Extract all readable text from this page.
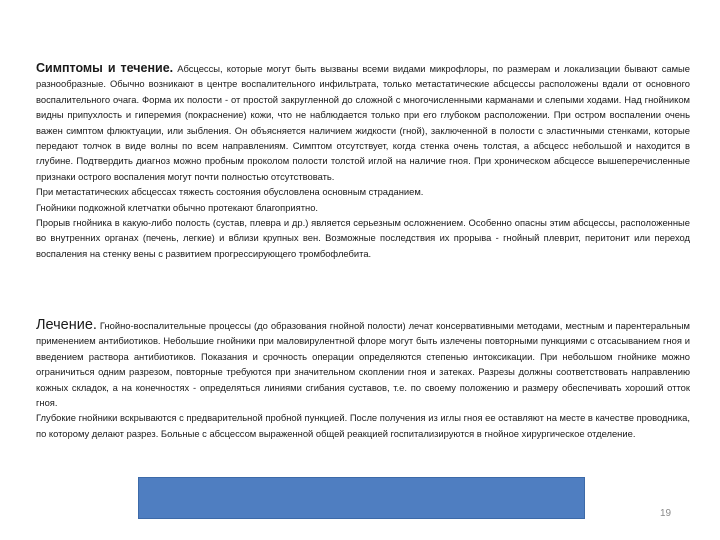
Симптомы и течение. Абсцессы, которые могут быть вызваны всеми видами микрофлоры, по размерам и локализации бывают самые разнообразные. Обычно возникают в центре воспалительного инфильтрата, только метастатические абсцессы расположены вдали от основного воспалительного очага. Форма их полости - от простой закругленной до сложной с многочисленными карманами и слепыми ходами. Над гнойником видны припухлость и гиперемия (покраснение) кожи, что не наблюдается только при его глубоком расположении. При остром воспалении очень важен симптом флюктуации, или зыбления. Он объясняется наличием жидкости (гной), заключенной в полости с эластичными стенками, которые передают толчок в виде волны по всем направлениям. Симптом отсутствует, когда стенка очень толстая, а абсцесс небольшой и находится в глубине. Подтвердить диагноз можно пробным проколом полости толстой иглой на наличие гноя. При хроническом абсцессе вышеперечисленные признаки острого воспаления могут почти полностью отсутствовать.

При метастатических абсцессах тяжесть состояния обусловлена основным страданием.

Гнойники подкожной клетчатки обычно протекают благоприятно.

Прорыв гнойника в какую-либо полость (сустав, плевра и др.) является серьезным осложнением. Особенно опасны этим абсцессы, расположенные во внутренних органах (печень, легкие) и вблизи крупных вен. Возможные последствия их прорыва - гнойный плеврит, перитонит или переход воспаления на стенку вены с развитием прогрессирующего тромбофлебита.

Лечение. Гнойно-воспалительные процессы (до образования гнойной полости) лечат консервативными методами, местным и парентеральным применением антибиотиков. Небольшие гнойники при маловирулентной флоре могут быть излечены повторными пункциями с отсасыванием гноя и введением раствора антибиотиков. Показания и срочность операции определяются степенью интоксикации. При небольшом гнойнике можно ограничиться одним разрезом, повторные требуются при значительном скоплении гноя и затеках. Разрезы должны соответствовать направлению кожных складок, а на конечностях - определяться линиями сгибания суставов, т.е. по своему положению и размеру обеспечивать хороший отток гноя.

Глубокие гнойники вскрываются с предварительной пробной пункцией. После получения из иглы гноя ее оставляют на месте в качестве проводника, по которому делают разрез. Больные с абсцессом выраженной общей реакцией госпитализируются в гнойное хирургическое отделение.

19
